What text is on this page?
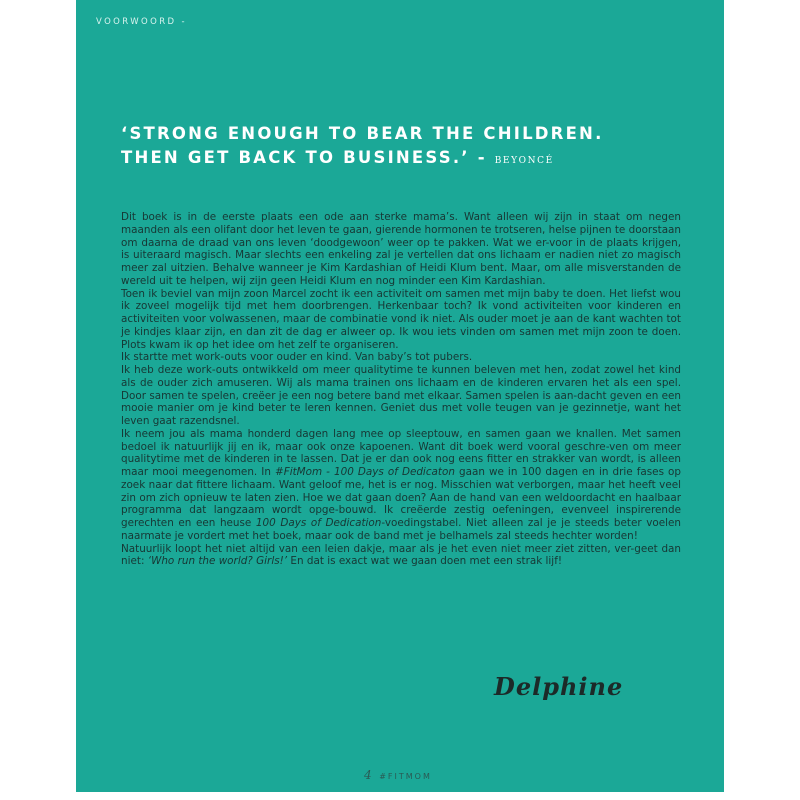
VOORWOORD -
‘STRONG ENOUGH TO BEAR THE CHILDREN.
THEN GET BACK TO BUSINESS.’ - BEYONCÉ

Dit boek is in de eerste plaats een ode aan sterke mama’s. Want alleen wij zijn in staat om negen maanden als een olifant door het leven te gaan, gierende hormonen te trotseren, helse pijnen te doorstaan om daarna de draad van ons leven ‘doodgewoon’ weer op te pakken. Wat we er-voor in de plaats krijgen, is uiteraard magisch. Maar slechts een enkeling zal je vertellen dat ons lichaam er nadien niet zo magisch meer zal uitzien. Behalve wanneer je Kim Kardashian of Heidi Klum bent. Maar, om alle misverstanden de wereld uit te helpen, wij zijn geen Heidi Klum en nog minder een Kim Kardashian.

Toen ik beviel van mijn zoon Marcel zocht ik een activiteit om samen met mijn baby te doen. Het liefst wou ik zoveel mogelijk tijd met hem doorbrengen. Herkenbaar toch? Ik vond activiteiten voor kinderen en activiteiten voor volwassenen, maar de combinatie vond ik niet. Als ouder moet je aan de kant wachten tot je kindjes klaar zijn, en dan zit de dag er alweer op. Ik wou iets vinden om samen met mijn zoon te doen. Plots kwam ik op het idee om het zelf te organiseren.

Ik startte met work-outs voor ouder en kind. Van baby’s tot pubers.

Ik heb deze work-outs ontwikkeld om meer qualitytime te kunnen beleven met hen, zodat zowel het kind als de ouder zich amuseren. Wij als mama trainen ons lichaam en de kinderen ervaren het als een spel. Door samen te spelen, creëer je een nog betere band met elkaar. Samen spelen is aan-dacht geven en een mooie manier om je kind beter te leren kennen. Geniet dus met volle teugen van je gezinnetje, want het leven gaat razendsnel.

Ik neem jou als mama honderd dagen lang mee op sleeptouw, en samen gaan we knallen. Met samen bedoel ik natuurlijk jij en ik, maar ook onze kapoenen. Want dit boek werd vooral geschre-ven om meer qualitytime met de kinderen in te lassen. Dat je er dan ook nog eens fitter en strakker van wordt, is alleen maar mooi meegenomen. In #FitMom - 100 Days of Dedicaton gaan we in 100 dagen en in drie fases op zoek naar dat fittere lichaam. Want geloof me, het is er nog. Misschien wat verborgen, maar het heeft veel zin om zich opnieuw te laten zien. Hoe we dat gaan doen? Aan de hand van een weldoordacht en haalbaar programma dat langzaam wordt opge-bouwd. Ik creëerde zestig oefeningen, evenveel inspirerende gerechten en een heuse 100 Days of Dedication-voedingstabel. Niet alleen zal je je steeds beter voelen naarmate je vordert met het boek, maar ook de band met je belhamels zal steeds hechter worden!

Natuurlijk loopt het niet altijd van een leien dakje, maar als je het even niet meer ziet zitten, ver-geet dan niet: ‘Who run the world? Girls!’ En dat is exact wat we gaan doen met een strak lijf!

Delphine
4 #FITMOM
